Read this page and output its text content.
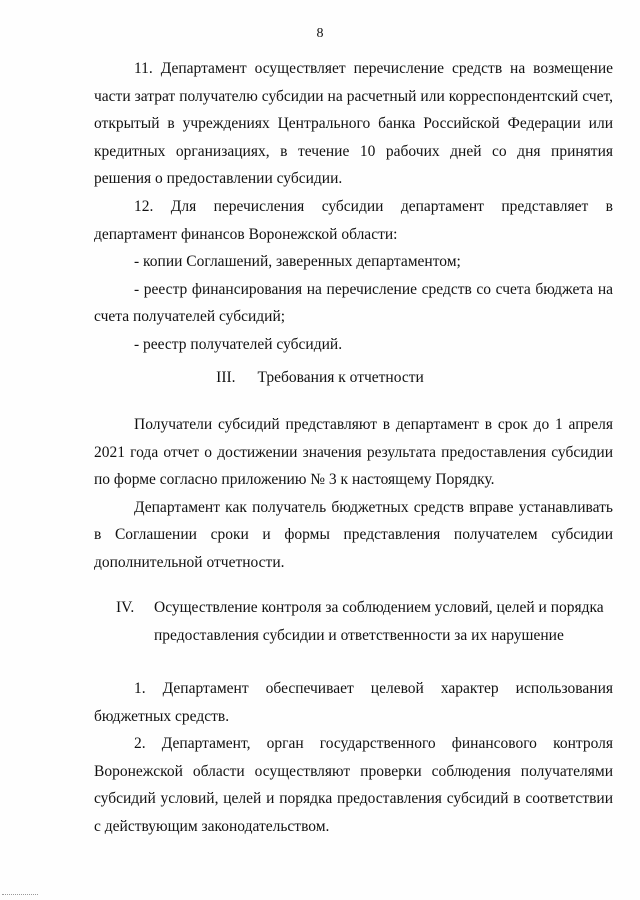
8

11. Департамент осуществляет перечисление средств на возмещение части затрат получателю субсидии на расчетный или корреспондентский счет, открытый в учреждениях Центрального банка Российской Федерации или кредитных организациях, в течение 10 рабочих дней со дня принятия решения о предоставлении субсидии.

12. Для перечисления субсидии департамент представляет в департамент финансов Воронежской области:

- копии Соглашений, заверенных департаментом;

- реестр финансирования на перечисление средств со счета бюджета на счета получателей субсидий;

- реестр получателей субсидий.

III. Требования к отчетности

Получатели субсидий представляют в департамент в срок до 1 апреля 2021 года отчет о достижении значения результата предоставления субсидии по форме согласно приложению № 3 к настоящему Порядку.

Департамент как получатель бюджетных средств вправе устанавливать в Соглашении сроки и формы представления получателем субсидии дополнительной отчетности.

IV.	Осуществление контроля за соблюдением условий, целей и порядка
предоставления субсидии и ответственности за их нарушение

1. Департамент обеспечивает целевой характер использования бюджетных средств.

2. Департамент, орган государственного финансового контроля Воронежской области осуществляют проверки соблюдения получателями субсидий условий, целей и порядка предоставления субсидий в соответствии с действующим законодательством.
